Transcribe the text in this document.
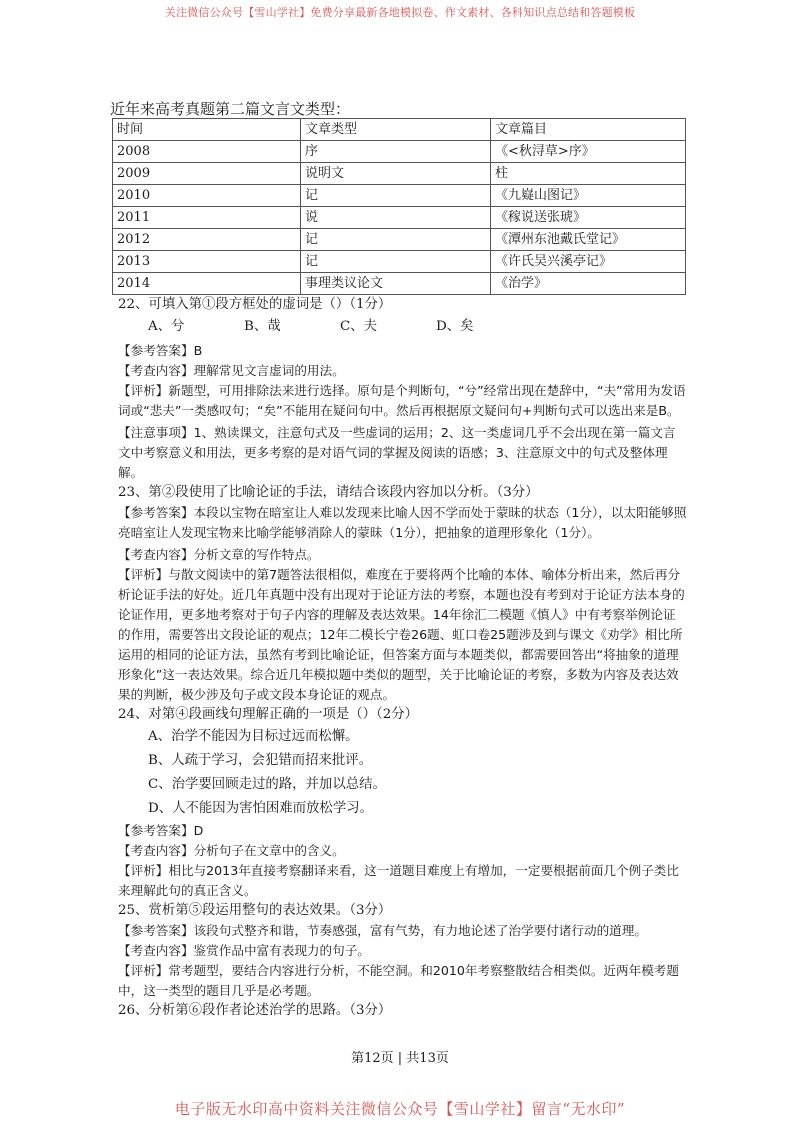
关注微信公众号【雪山学社】免费分享最新各地模拟卷、作文素材、各科知识点总结和答题模板
近年来高考真题第二篇文言文类型：
时间	文章类型	文章篇目
2008	序	《<秋浔草>序》
2009	说明文	柱
2010	记	《九嶷山图记》
2011	说	《稼说送张琥》
2012	记	《潭州东池戴氏堂记》
2013	记	《许氏吴兴溪亭记》
2014	事理类议论文	《治学》

22、可填入第①段方框处的虚词是（）（1分）

A、兮	B、哉	C、夫	D、矣

【参考答案】B

【考查内容】理解常见文言虚词的用法。

【评析】新题型，可用排除法来进行选择。原句是个判断句，“兮”经常出现在楚辞中，“夫”常用为发语词或“悲夫”一类感叹句；“矣”不能用在疑问句中。然后再根据原文疑问句+判断句式可以选出来是B。

【注意事项】1、熟读课文，注意句式及一些虚词的运用；2、这一类虚词几乎不会出现在第一篇文言文中考察意义和用法，更多考察的是对语气词的掌握及阅读的语感；3、注意原文中的句式及整体理解。

23、第②段使用了比喻论证的手法，请结合该段内容加以分析。（3分）

【参考答案】本段以宝物在暗室让人难以发现来比喻人因不学而处于蒙昧的状态（1分），以太阳能够照亮暗室让人发现宝物来比喻学能够消除人的蒙昧（1分），把抽象的道理形象化（1分）。

【考查内容】分析文章的写作特点。

【评析】与散文阅读中的第7题答法很相似，难度在于要将两个比喻的本体、喻体分析出来，然后再分析论证手法的好处。近几年真题中没有出现对于论证方法的考察，本题也没有考到对于论证方法本身的论证作用，更多地考察对于句子内容的理解及表达效果。14年徐汇二模题《慎人》中有考察举例论证的作用，需要答出文段论证的观点；12年二模长宁卷26题、虹口卷25题涉及到与课文《劝学》相比所运用的相同的论证方法，虽然有考到比喻论证，但答案方面与本题类似，都需要回答出“将抽象的道理形象化”这一表达效果。综合近几年模拟题中类似的题型，关于比喻论证的考察，多数为内容及表达效果的判断，极少涉及句子或文段本身论证的观点。

24、对第④段画线句理解正确的一项是（）（2分）

A、治学不能因为目标过远而松懈。
B、人疏于学习，会犯错而招来批评。
C、治学要回顾走过的路，并加以总结。
D、人不能因为害怕困难而放松学习。

【参考答案】D

【考查内容】分析句子在文章中的含义。

【评析】相比与2013年直接考察翻译来看，这一道题目难度上有增加，一定要根据前面几个例子类比来理解此句的真正含义。

25、赏析第⑤段运用整句的表达效果。（3分）

【参考答案】该段句式整齐和谐，节奏感强，富有气势，有力地论述了治学要付诸行动的道理。

【考查内容】鉴赏作品中富有表现力的句子。

【评析】常考题型，要结合内容进行分析，不能空洞。和2010年考察整散结合相类似。近两年模考题中，这一类型的题目几乎是必考题。

26、分析第⑥段作者论述治学的思路。（3分）

第12页 | 共13页
电子版无水印高中资料关注微信公众号【雪山学社】留言“无水印”
